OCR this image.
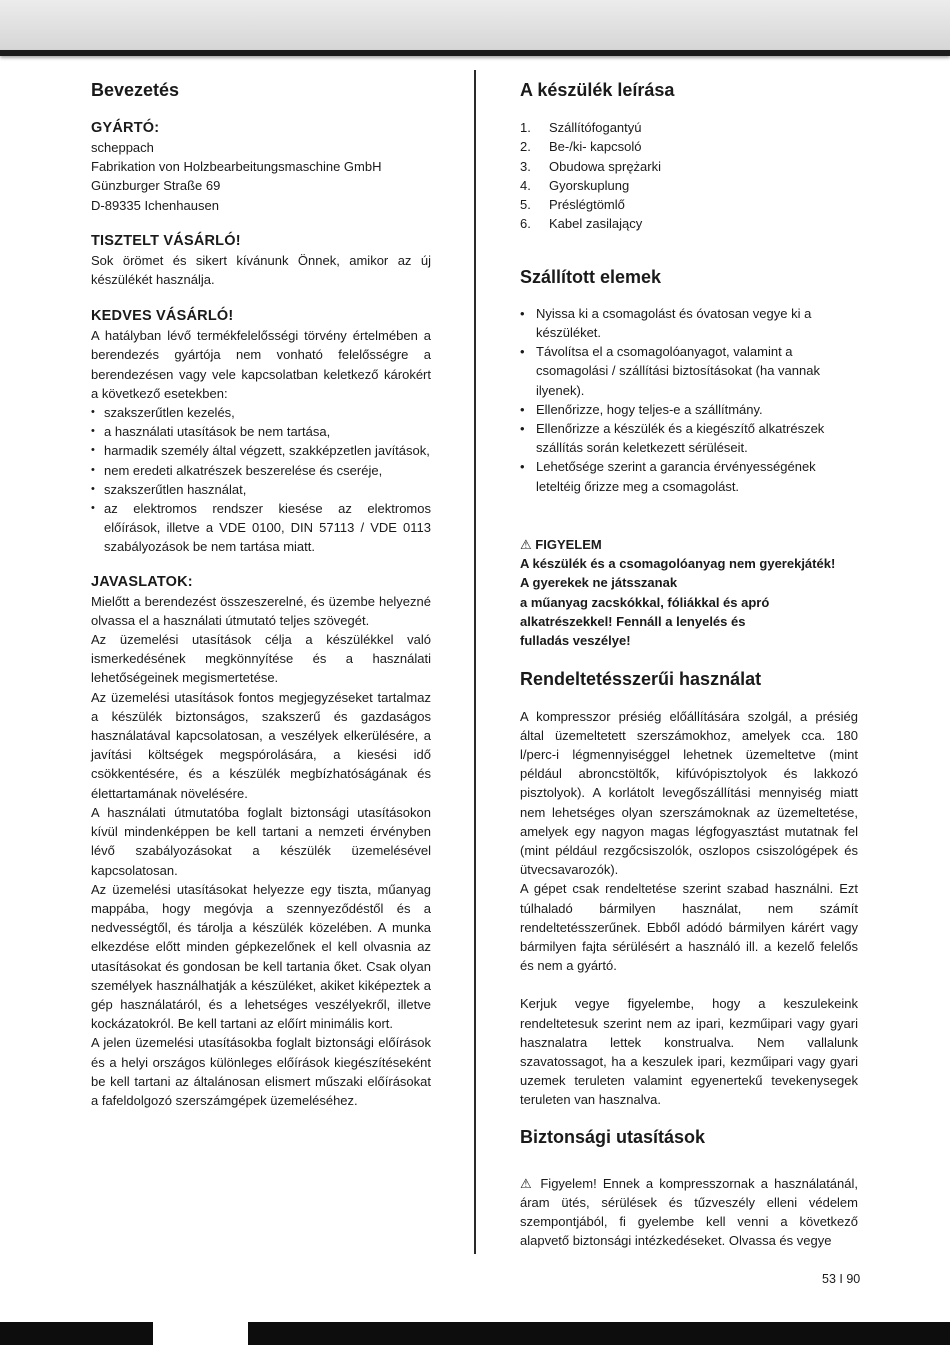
Bevezetés
GYÁRTÓ:

scheppach

Fabrikation von Holzbearbeitungsmaschine GmbH

Günzburger Straße 69

D-89335 Ichenhausen

TISZTELT VÁSÁRLÓ!

Sok örömet és sikert kívánunk Önnek, amikor az új készülékét használja.

KEDVES VÁSÁRLÓ!

A hatályban lévő termékfelelősségi törvény értelmében a berendezés gyártója nem vonható felelősségre a berendezésen vagy vele kapcsolatban keletkező károkért a következő esetekben:

• szakszerűtlen kezelés,
• a használati utasítások be nem tartása,
• harmadik személy által végzett, szakképzetlen javítások,
• nem eredeti alkatrészek beszerelése és cseréje,
• szakszerűtlen használat,
• az elektromos rendszer kiesése az elektromos előírások, illetve a VDE 0100, DIN 57113 / VDE 0113 szabályozások be nem tartása miatt.
JAVASLATOK:

Mielőtt a berendezést összeszerelné, és üzembe helyezné olvassa el a használati útmutató teljes szövegét.

Az üzemelési utasítások célja a készülékkel való ismerkedésének megkönnyítése és a használati lehetőségeinek megismertetése.

Az üzemelési utasítások fontos megjegyzéseket tartalmaz a készülék biztonságos, szakszerű és gazdaságos használatával kapcsolatosan, a veszélyek elkerülésére, a javítási költségek megspórolására, a kiesési idő csökkentésére, és a készülék megbízhatóságának és élettartamának növelésére.

A használati útmutatóba foglalt biztonsági utasításokon kívül mindenképpen be kell tartani a nemzeti érvényben lévő szabályozásokat a készülék üzemelésével kapcsolatosan.

Az üzemelési utasításokat helyezze egy tiszta, műanyag mappába, hogy megóvja a szennyeződéstől és a nedvességtől, és tárolja a készülék közelében. A munka elkezdése előtt minden gépkezelőnek el kell olvasnia az utasításokat és gondosan be kell tartania őket. Csak olyan személyek használhatják a készüléket, akiket kiképeztek a gép használatáról, és a lehetséges veszélyekről, illetve kockázatokról. Be kell tartani az előírt minimális kort.

A jelen üzemelési utasításokba foglalt biztonsági előírások és a helyi országos különleges előírások kiegészítéseként be kell tartani az általánosan elismert műszaki előírásokat a fafeldolgozó szerszámgépek üzemeléséhez.

A készülék leírása
1.	Szállítófogantyú
2.	Be-/ki- kapcsoló
3.	Obudowa sprężarki
4.	Gyorskuplung
5.	Préslégtömlő
6.	Kabel zasilający
Szállított elemek
• Nyissa ki a csomagolást és óvatosan vegye ki a készüléket.
• Távolítsa el a csomagolóanyagot, valamint a csomagolási / szállítási biztosításokat (ha vannak ilyenek).
• Ellenőrizze, hogy teljes-e a szállítmány.
• Ellenőrizze a készülék és a kiegészítő alkatrészek szállítás során keletkezett sérüléseit.
• Lehetősége szerint a garancia érvényességének leteltéig őrizze meg a csomagolást.

⚠ FIGYELEM

A készülék és a csomagolóanyag nem gyerekjáték!

A gyerekek ne játsszanak

a műanyag zacskókkal, fóliákkal és apró alkatrészekkel! Fennáll a lenyelés és

fulladás veszélye!

Rendeltetésszerűi használat

A kompresszor présiég előállítására szolgál, a présiég által üzemeltetett szerszámokhoz, amelyek cca. 180 l/perc-i légmennyiséggel lehetnek üzemeltetve (mint például abroncstöltők, kifúvópisztolyok és lakkozó pisztolyok). A korlátolt levegőszállítási mennyiség miatt nem lehetséges olyan szerszámoknak az üzemeltetése, amelyek egy nagyon magas légfogyasztást mutatnak fel (mint például rezgőcsiszolók, oszlopos csiszológépek és ütvecsavarozók).

A gépet csak rendeltetése szerint szabad használni. Ezt túlhaladó bármilyen használat, nem számít rendeltetésszerűnek. Ebből adódó bármilyen kárért vagy bármilyen fajta sérülésért a használó ill. a kezelő felelős és nem a gyártó.

Kerjuk vegye figyelembe, hogy a keszulekeink rendeltetesuk szerint nem az ipari, kezműipari vagy gyari hasznalatra lettek konstrualva. Nem vallalunk szavatossagot, ha a keszulek ipari, kezműipari vagy gyari uzemek teruleten valamint egyenertekű tevekenysegek teruleten van hasznalva.

Biztonsági utasítások

⚠ Figyelem! Ennek a kompresszornak a használatánál, áram ütés, sérülések és tűzveszély elleni védelem szempontjából, fi gyelembe kell venni a következő alapvető biztonsági intézkedéseket. Olvassa és vegye

53 I 90
